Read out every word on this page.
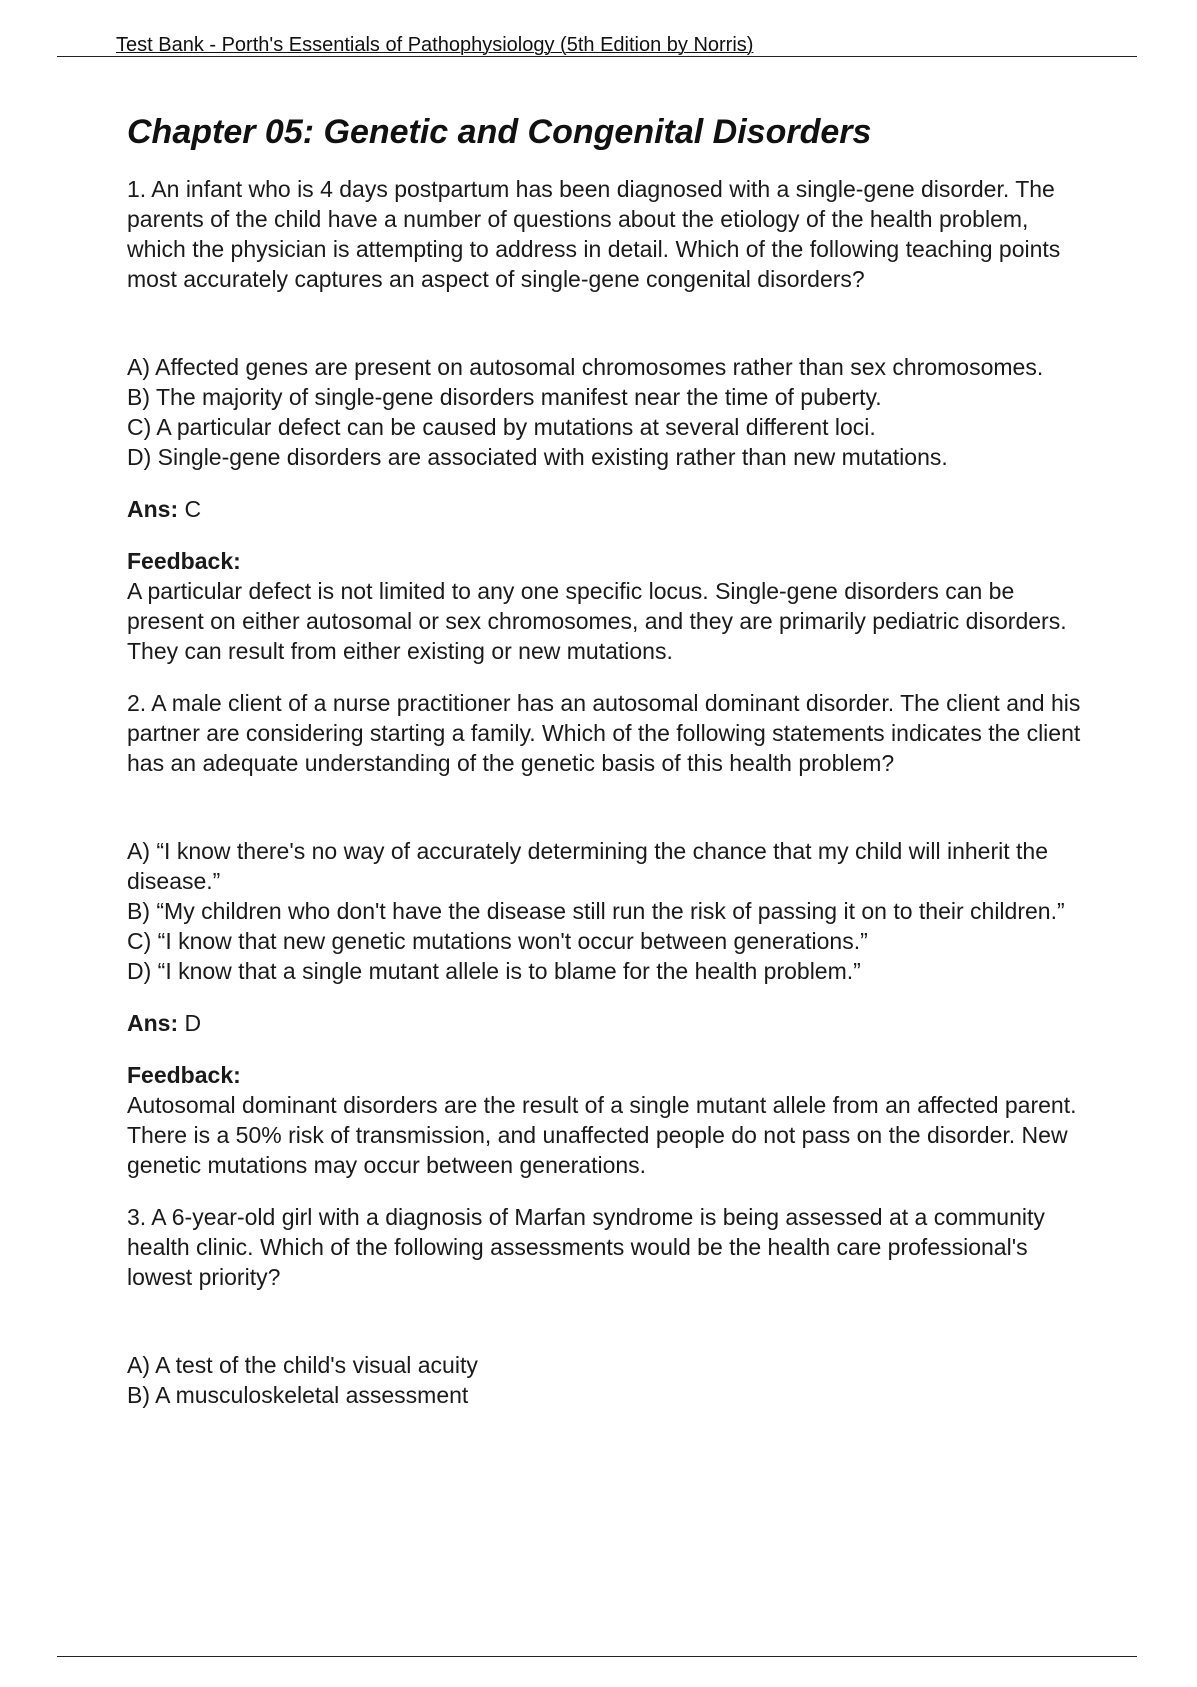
Test Bank - Porth's Essentials of Pathophysiology (5th Edition by Norris)
Chapter 05: Genetic and Congenital Disorders

1. An infant who is 4 days postpartum has been diagnosed with a single-gene disorder. The parents of the child have a number of questions about the etiology of the health problem, which the physician is attempting to address in detail. Which of the following teaching points most accurately captures an aspect of single-gene congenital disorders?

A) Affected genes are present on autosomal chromosomes rather than sex chromosomes.

B) The majority of single-gene disorders manifest near the time of puberty.

C) A particular defect can be caused by mutations at several different loci.

D) Single-gene disorders are associated with existing rather than new mutations.

Ans: C

Feedback:

A particular defect is not limited to any one specific locus. Single-gene disorders can be present on either autosomal or sex chromosomes, and they are primarily pediatric disorders. They can result from either existing or new mutations.

2. A male client of a nurse practitioner has an autosomal dominant disorder. The client and his partner are considering starting a family. Which of the following statements indicates the client has an adequate understanding of the genetic basis of this health problem?

A) “I know there's no way of accurately determining the chance that my child will inherit the disease.”

B) “My children who don't have the disease still run the risk of passing it on to their children.”

C) “I know that new genetic mutations won't occur between generations.”

D) “I know that a single mutant allele is to blame for the health problem.”

Ans: D

Feedback:

Autosomal dominant disorders are the result of a single mutant allele from an affected parent. There is a 50% risk of transmission, and unaffected people do not pass on the disorder. New genetic mutations may occur between generations.

3. A 6-year-old girl with a diagnosis of Marfan syndrome is being assessed at a community health clinic. Which of the following assessments would be the health care professional's lowest priority?

A) A test of the child's visual acuity

B) A musculoskeletal assessment
